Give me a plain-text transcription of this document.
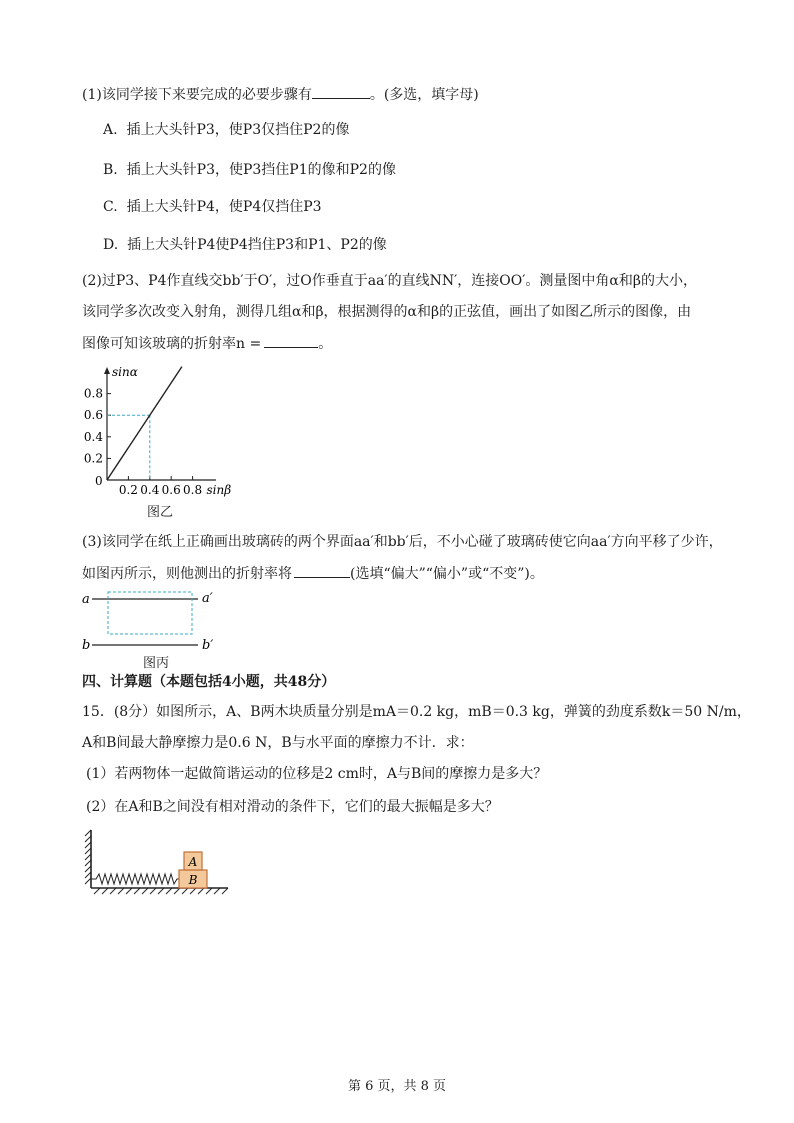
(1)该同学接下来要完成的必要步骤有	。(多选，填字母)
A. 插上大头针P3，使P3仅挡住P2的像
B. 插上大头针P3，使P3挡住P1的像和P2的像
C. 插上大头针P4，使P4仅挡住P3
D. 插上大头针P4使P4挡住P3和P1、P2的像
(2)过P3、P4作直线交bb′于O′，过O作垂直于aa′的直线NN′，连接OO′。测量图中角α和β的大小，
该同学多次改变入射角，测得几组α和β，根据测得的α和β的正弦值，画出了如图乙所示的图像，由
图像可知该玻璃的折射率n =	。
sinα
sinβ
0
0.2
0.4
0.6
0.8
0.2 0.4 0.6 0.8
图乙
(3)该同学在纸上正确画出玻璃砖的两个界面aa′和bb′后，不小心碰了玻璃砖使它向aa′方向平移了少许，
如图丙所示，则他测出的折射率将	(选填“偏大”“偏小”或“不变”)。
a	a′
b	b′
图丙
四、计算题（本题包括4小题，共48分）
15．(8分）如图所示，A、B两木块质量分别是mA＝0.2 kg，mB＝0.3 kg，弹簧的劲度系数k＝50 N/m，
A和B间最大静摩擦力是0.6 N，B与水平面的摩擦力不计．求：
(1）若两物体一起做简谐运动的位移是2 cm时，A与B间的摩擦力是多大？
(2）在A和B之间没有相对滑动的条件下，它们的最大振幅是多大？
B
A
第 6 页，共 8 页
